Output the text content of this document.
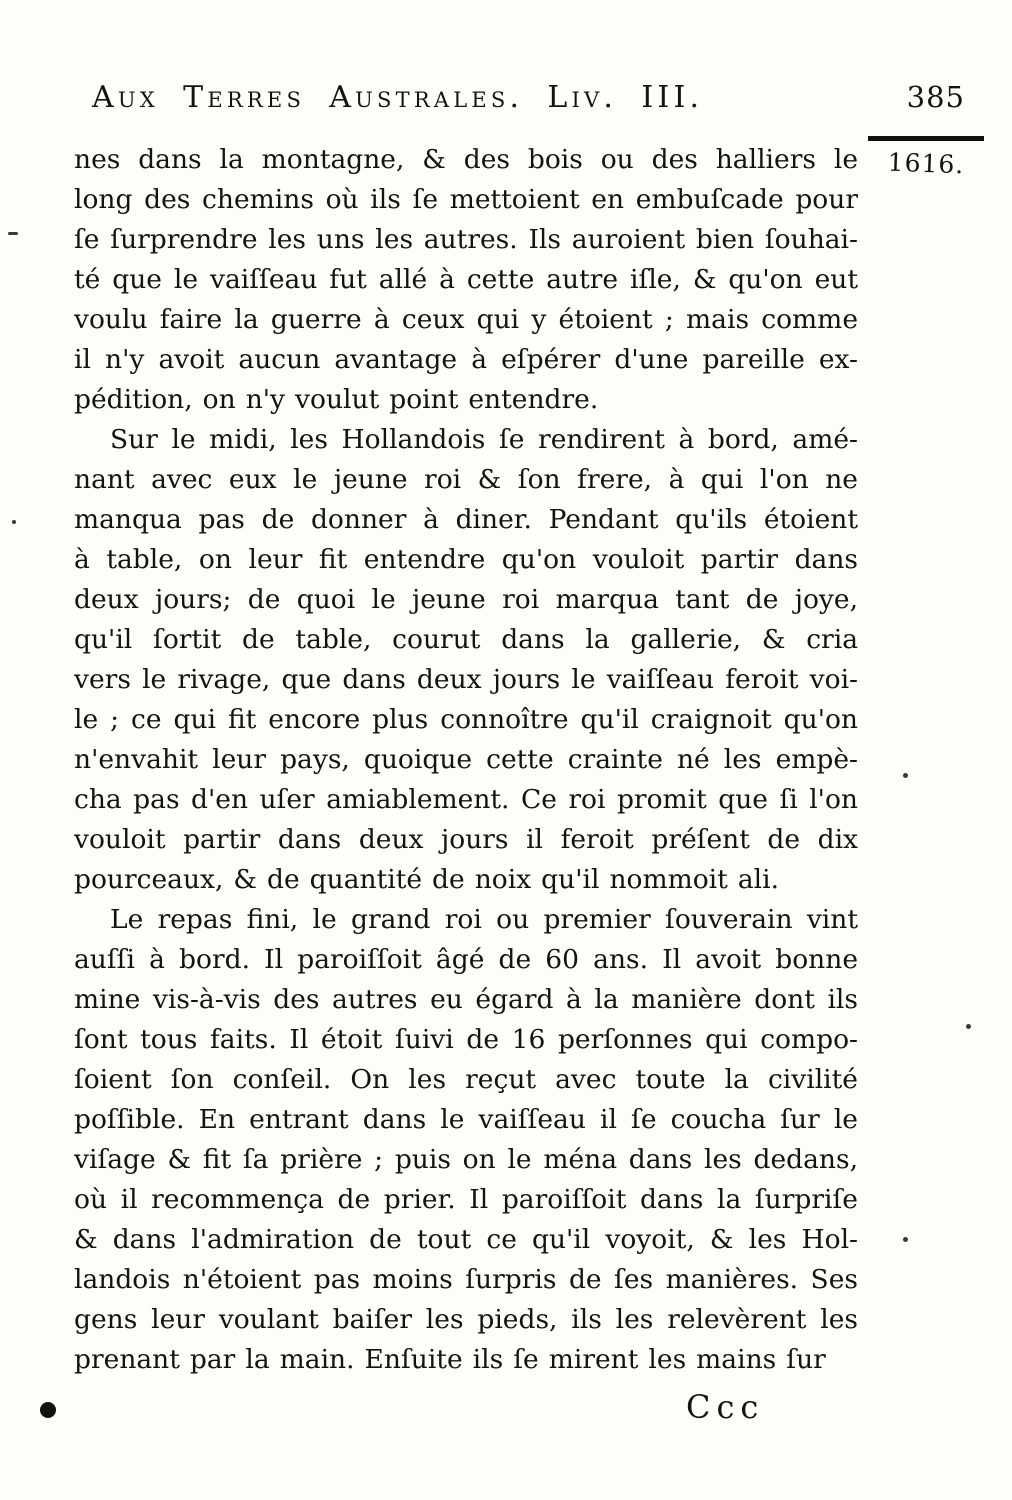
Aux Terres Australes. Liv. III.	385
1616.
nes dans la montagne, & des bois ou des halliers le
long des chemins où ils ſe mettoient en embuſcade pour
ſe ſurprendre les uns les autres. Ils auroient bien ſouhai-
té que le vaiſſeau fut allé à cette autre iſle, & qu'on eut
voulu faire la guerre à ceux qui y étoient ; mais comme
il n'y avoit aucun avantage à eſpérer d'une pareille ex-
pédition, on n'y voulut point entendre.
Sur le midi, les Hollandois ſe rendirent à bord, amé-
nant avec eux le jeune roi & ſon frere, à qui l'on ne
manqua pas de donner à diner. Pendant qu'ils étoient
à table, on leur fit entendre qu'on vouloit partir dans
deux jours; de quoi le jeune roi marqua tant de joye,
qu'il ſortit de table, courut dans la gallerie, & cria
vers le rivage, que dans deux jours le vaiſſeau feroit voi-
le ; ce qui fit encore plus connoître qu'il craignoit qu'on
n'envahit leur pays, quoique cette crainte né les empè-
cha pas d'en uſer amiablement. Ce roi promit que ſi l'on
vouloit partir dans deux jours il feroit préſent de dix
pourceaux, & de quantité de noix qu'il nommoit ali.
Le repas fini, le grand roi ou premier ſouverain vint
auſſi à bord. Il paroiſſoit âgé de 60 ans. Il avoit bonne
mine vis-à-vis des autres eu égard à la manière dont ils
ſont tous faits. Il étoit ſuivi de 16 perſonnes qui compo-
ſoient ſon conſeil. On les reçut avec toute la civilité
poſſible. En entrant dans le vaiſſeau il ſe coucha ſur le
viſage & fit ſa prière ; puis on le ména dans les dedans,
où il recommença de prier. Il paroiſſoit dans la ſurpriſe
& dans l'admiration de tout ce qu'il voyoit, & les Hol-
landois n'étoient pas moins ſurpris de ſes manières. Ses
gens leur voulant baiſer les pieds, ils les relevèrent les
prenant par la main. Enſuite ils ſe mirent les mains ſur
Ccc
